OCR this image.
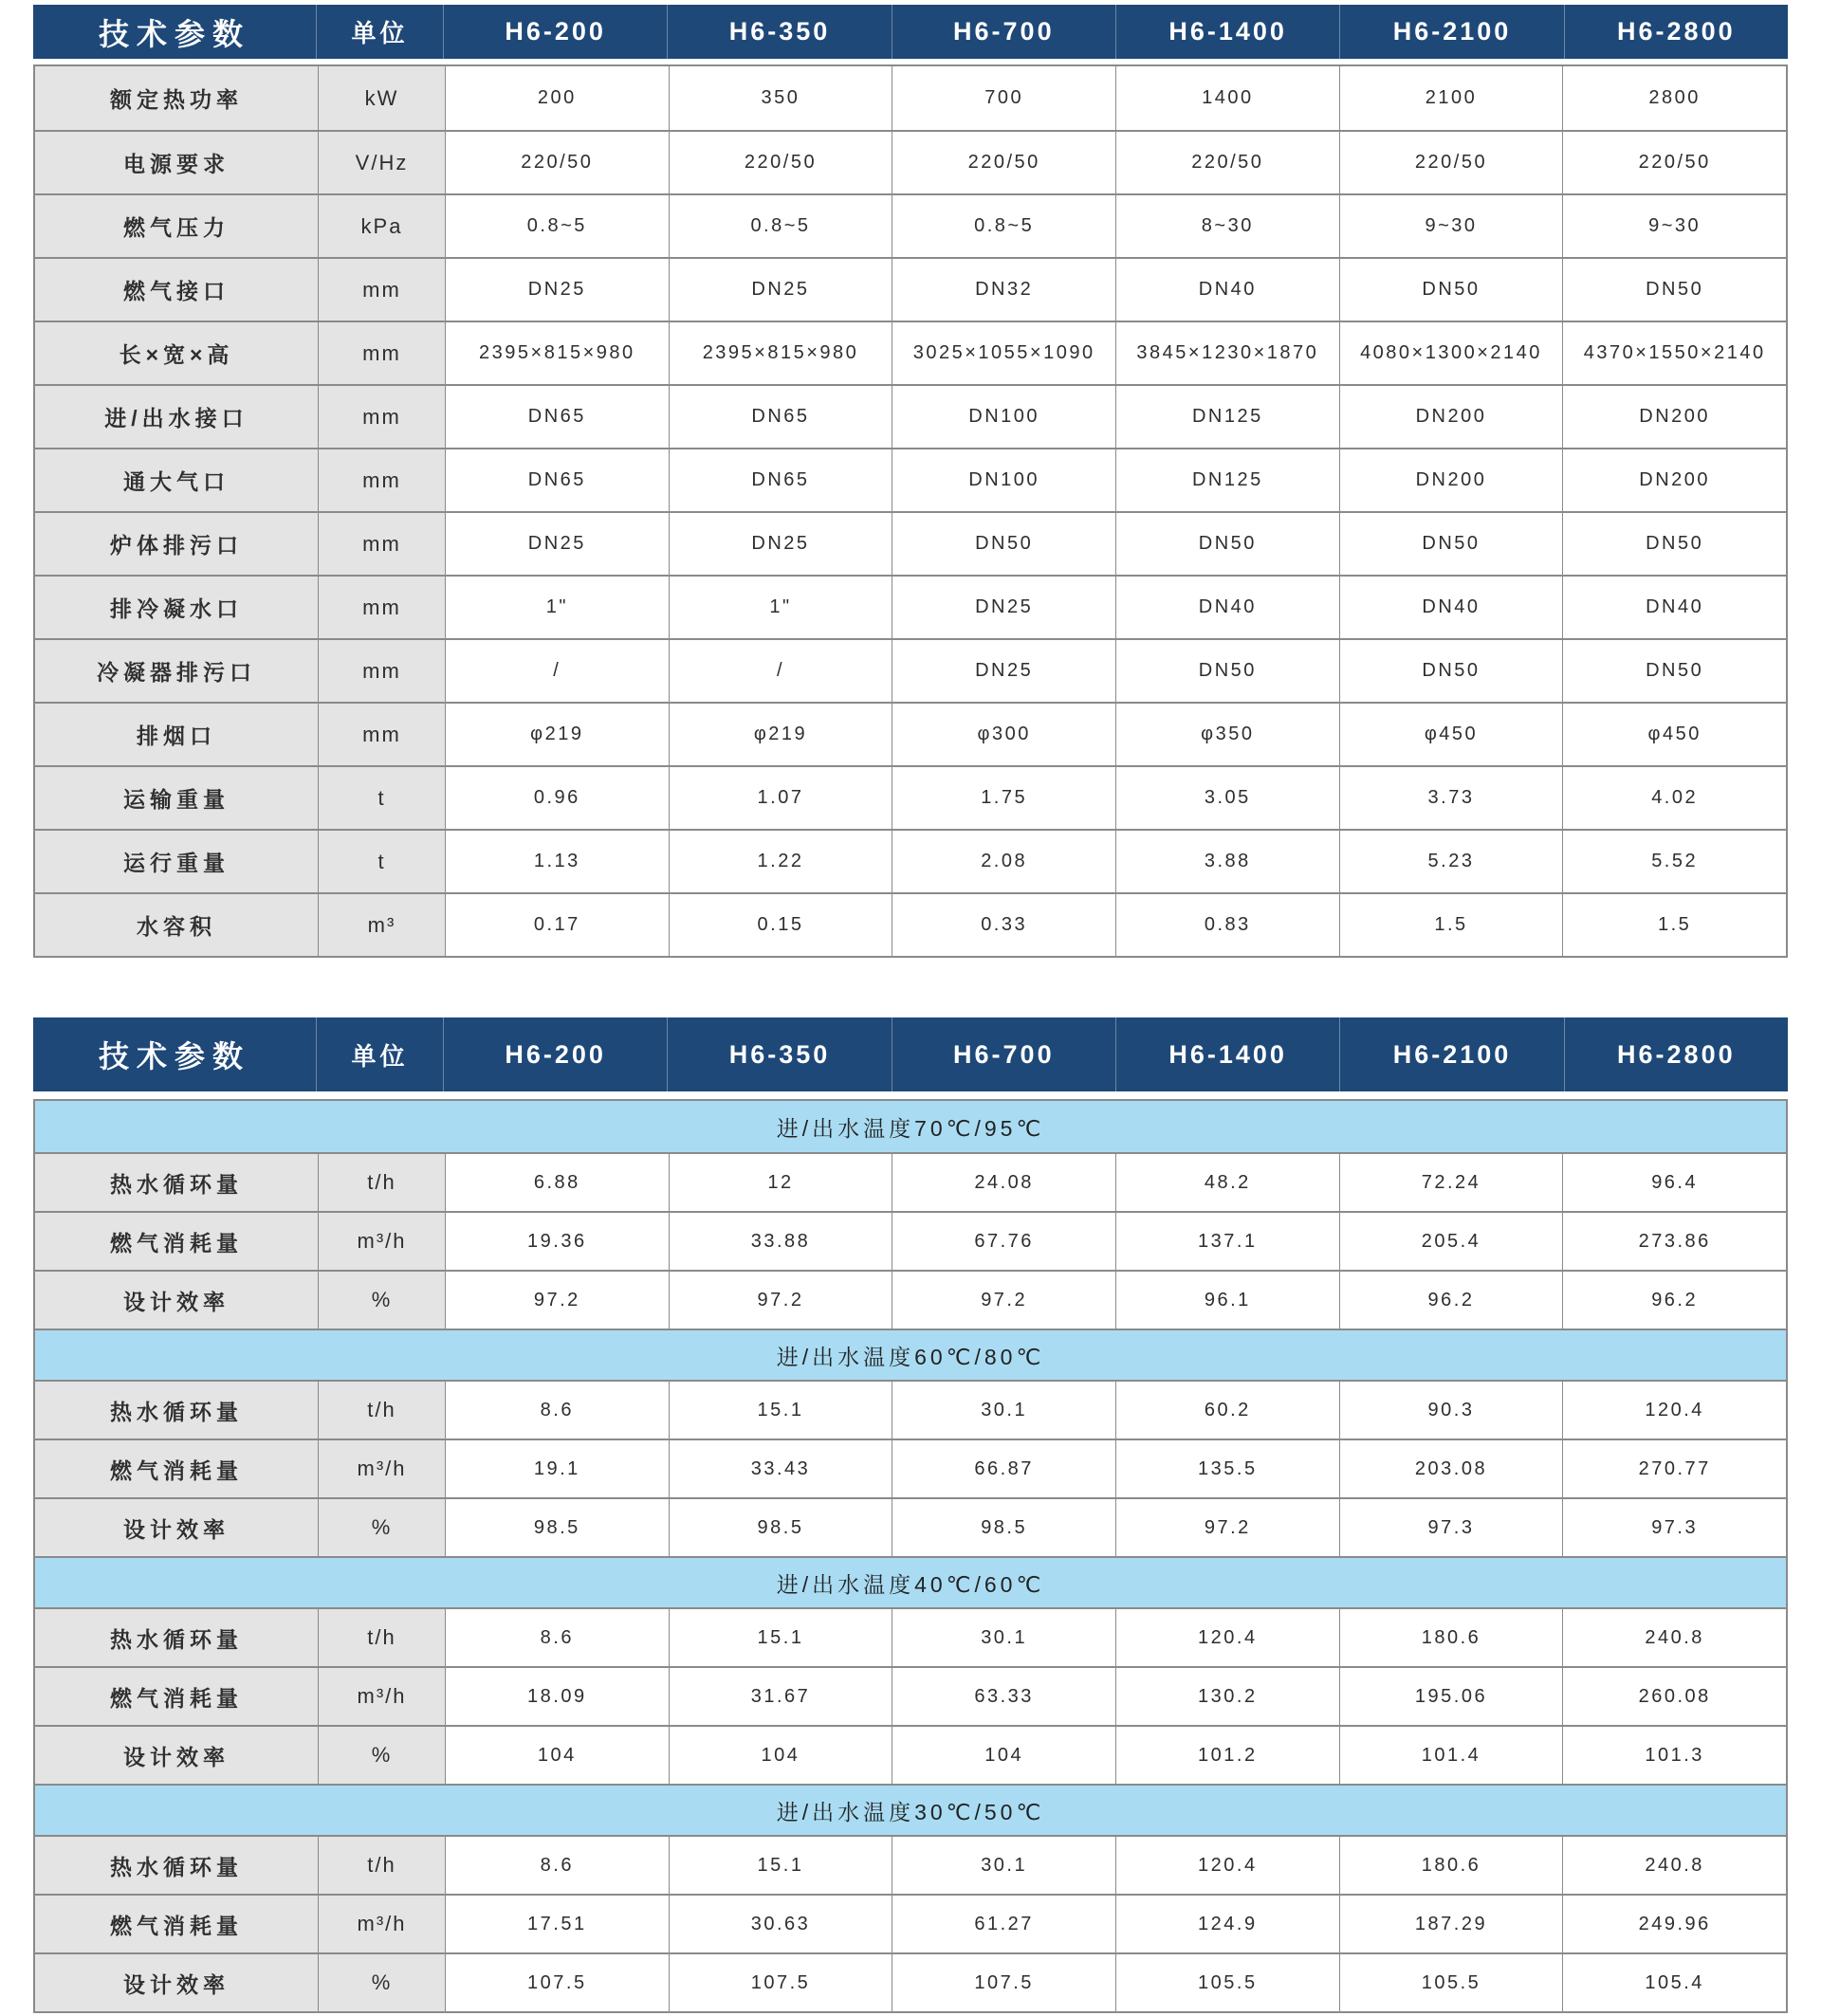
技术参数	单位	H6-200	H6-350	H6-700	H6-1400	H6-2100	H6-2800
额定热功率	kW	200	350	700	1400	2100	2800
电源要求	V/Hz	220/50	220/50	220/50	220/50	220/50	220/50
燃气压力	kPa	0.8~5	0.8~5	0.8~5	8~30	9~30	9~30
燃气接口	mm	DN25	DN25	DN32	DN40	DN50	DN50
长×宽×高	mm	2395×815×980	2395×815×980	3025×1055×1090	3845×1230×1870	4080×1300×2140	4370×1550×2140
进/出水接口	mm	DN65	DN65	DN100	DN125	DN200	DN200
通大气口	mm	DN65	DN65	DN100	DN125	DN200	DN200
炉体排污口	mm	DN25	DN25	DN50	DN50	DN50	DN50
排冷凝水口	mm	1"	1"	DN25	DN40	DN40	DN40
冷凝器排污口	mm	/	/	DN25	DN50	DN50	DN50
排烟口	mm	φ219	φ219	φ300	φ350	φ450	φ450
运输重量	t	0.96	1.07	1.75	3.05	3.73	4.02
运行重量	t	1.13	1.22	2.08	3.88	5.23	5.52
水容积	m³	0.17	0.15	0.33	0.83	1.5	1.5
技术参数	单位	H6-200	H6-350	H6-700	H6-1400	H6-2100	H6-2800
进/出水温度70℃/95℃
热水循环量	t/h	6.88	12	24.08	48.2	72.24	96.4
燃气消耗量	m³/h	19.36	33.88	67.76	137.1	205.4	273.86
设计效率	%	97.2	97.2	97.2	96.1	96.2	96.2
进/出水温度60℃/80℃
热水循环量	t/h	8.6	15.1	30.1	60.2	90.3	120.4
燃气消耗量	m³/h	19.1	33.43	66.87	135.5	203.08	270.77
设计效率	%	98.5	98.5	98.5	97.2	97.3	97.3
进/出水温度40℃/60℃
热水循环量	t/h	8.6	15.1	30.1	120.4	180.6	240.8
燃气消耗量	m³/h	18.09	31.67	63.33	130.2	195.06	260.08
设计效率	%	104	104	104	101.2	101.4	101.3
进/出水温度30℃/50℃
热水循环量	t/h	8.6	15.1	30.1	120.4	180.6	240.8
燃气消耗量	m³/h	17.51	30.63	61.27	124.9	187.29	249.96
设计效率	%	107.5	107.5	107.5	105.5	105.5	105.4
